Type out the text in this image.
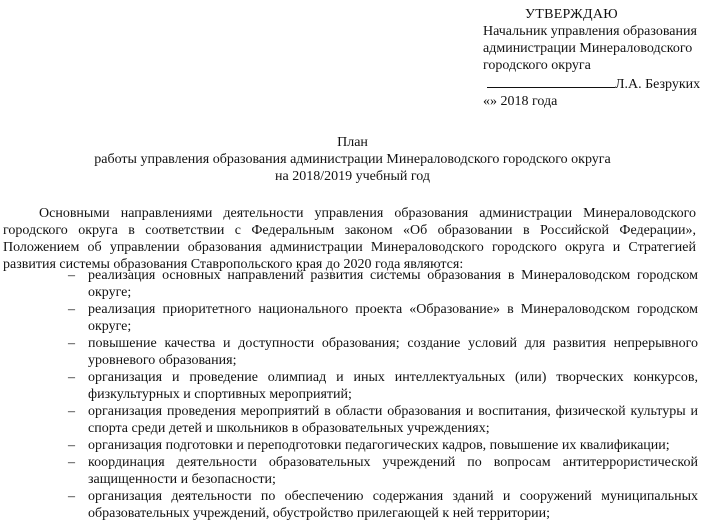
УТВЕРЖДАЮ
Начальник управления образования
администрации Минераловодского
городского округа
Л.А. Безруких
«» 2018 года
План
работы управления образования администрации Минераловодского городского округа
на 2018/2019 учебный год

Основными направлениями деятельности управления образования администрации Минераловодского городского округа в соответствии с Федеральным законом «Об образовании в Российской Федерации», Положением об управлении образования администрации Минераловодского городского округа и Стратегией развития системы образования Ставропольского края до 2020 года являются:

– реализация основных направлений развития системы образования в Минераловодском городском округе;
– реализация приоритетного национального проекта «Образование» в Минераловодском городском округе;
– повышение качества и доступности образования; создание условий для развития непрерывного уровневого образования;
– организация и проведение олимпиад и иных интеллектуальных (или) творческих конкурсов, физкультурных и спортивных мероприятий;
– организация проведения мероприятий в области образования и воспитания, физической культуры и спорта среди детей и школьников в образовательных учреждениях;
– организация подготовки и переподготовки педагогических кадров, повышение их квалификации;
– координация деятельности образовательных учреждений по вопросам антитеррористической защищенности и безопасности;
– организация деятельности по обеспечению содержания зданий и сооружений муниципальных образовательных учреждений, обустройство прилегающей к ней территории;
